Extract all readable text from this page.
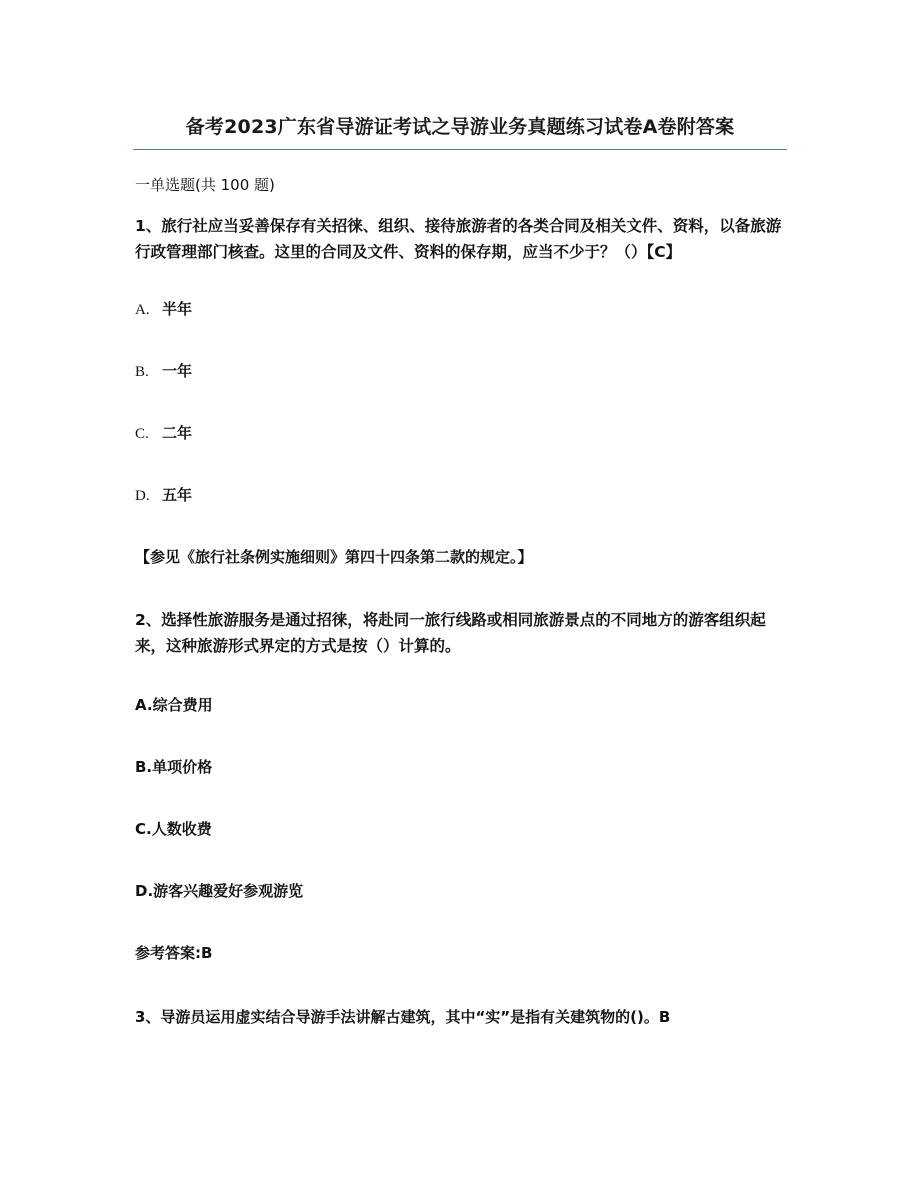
备考2023广东省导游证考试之导游业务真题练习试卷A卷附答案
一单选题(共 100 题)
1、旅行社应当妥善保存有关招徕、组织、接待旅游者的各类合同及相关文件、资料，以备旅游行政管理部门核查。这里的合同及文件、资料的保存期，应当不少于？（）【C】
A. 半年
B. 一年
C. 二年
D. 五年
【参见《旅行社条例实施细则》第四十四条第二款的规定。】
2、选择性旅游服务是通过招徕，将赴同一旅行线路或相同旅游景点的不同地方的游客组织起来，这种旅游形式界定的方式是按（）计算的。
A.综合费用
B.单项价格
C.人数收费
D.游客兴趣爱好参观游览
参考答案:B
3、导游员运用虚实结合导游手法讲解古建筑，其中“实”是指有关建筑物的()。B
